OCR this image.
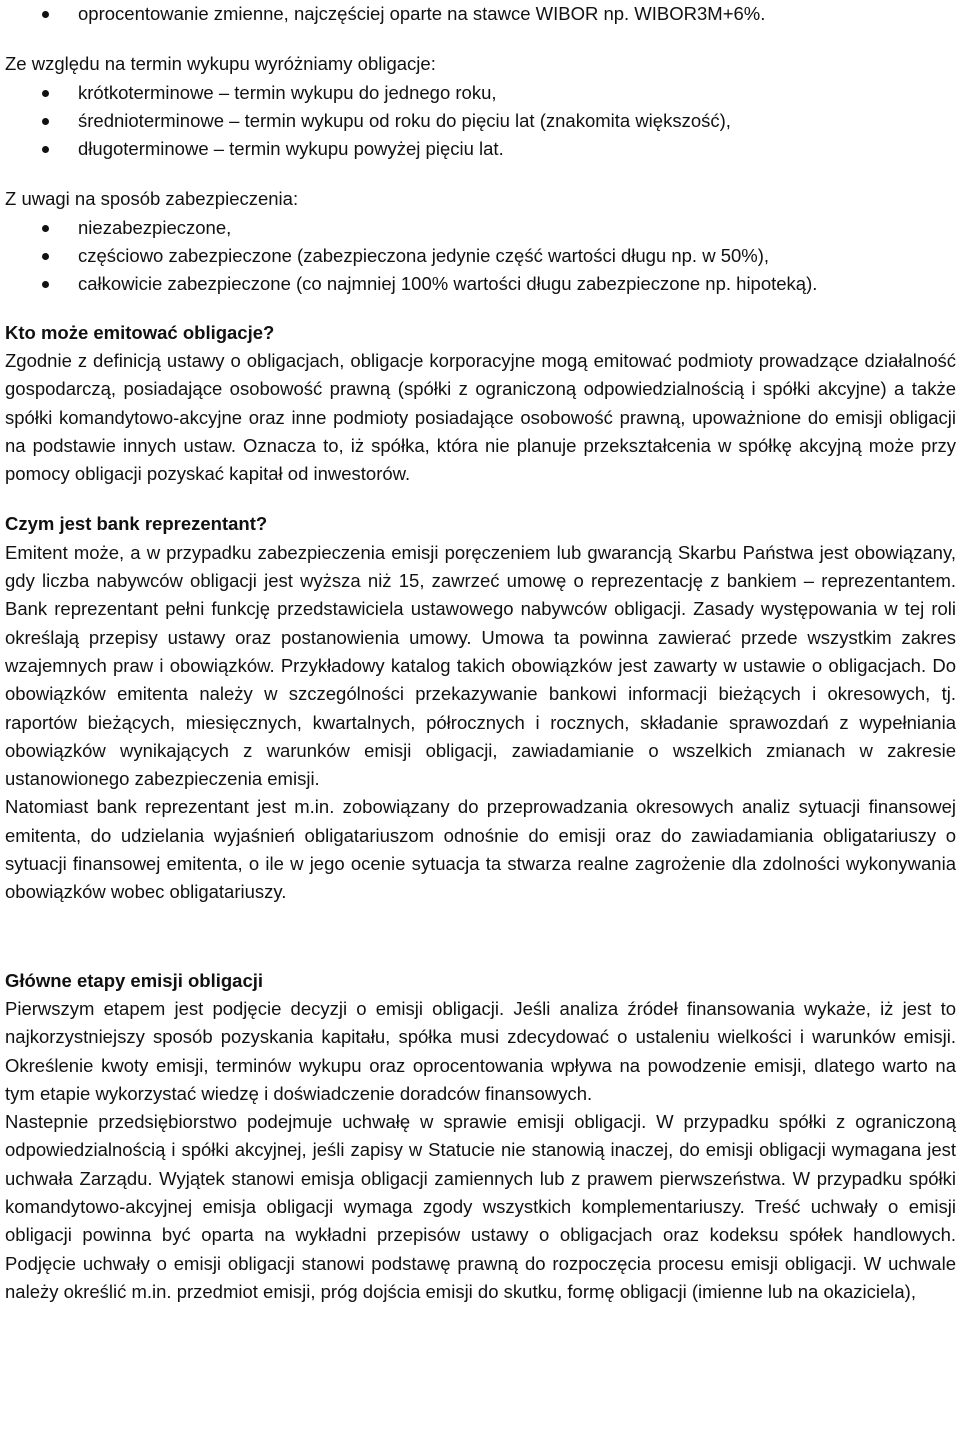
oprocentowanie zmienne, najczęściej oparte na stawce WIBOR np. WIBOR3M+6%.

Ze względu na termin wykupu wyróżniamy obligacje:

krótkoterminowe – termin wykupu do jednego roku,
średnioterminowe – termin wykupu od roku do pięciu lat (znakomita większość),
długoterminowe – termin wykupu powyżej pięciu lat.

Z uwagi na sposób zabezpieczenia:

niezabezpieczone,
częściowo zabezpieczone (zabezpieczona jedynie część wartości długu np. w 50%),
całkowicie zabezpieczone (co najmniej 100% wartości długu zabezpieczone np. hipoteką).
Kto może emitować obligacje?

Zgodnie z definicją ustawy o obligacjach, obligacje korporacyjne mogą emitować podmioty prowadzące działalność gospodarczą, posiadające osobowość prawną (spółki z ograniczoną odpowiedzialnością i spółki akcyjne) a także spółki komandytowo-akcyjne oraz inne podmioty posiadające osobowość prawną, upoważnione do emisji obligacji na podstawie innych ustaw. Oznacza to, iż spółka, która nie planuje przekształcenia w spółkę akcyjną może przy pomocy obligacji pozyskać kapitał od inwestorów.

Czym jest bank reprezentant?

Emitent może, a w przypadku zabezpieczenia emisji poręczeniem lub gwarancją Skarbu Państwa jest obowiązany, gdy liczba nabywców obligacji jest wyższa niż 15, zawrzeć umowę o reprezentację z bankiem – reprezentantem. Bank reprezentant pełni funkcję przedstawiciela ustawowego nabywców obligacji. Zasady występowania w tej roli określają przepisy ustawy oraz postanowienia umowy. Umowa ta powinna zawierać przede wszystkim zakres wzajemnych praw i obowiązków. Przykładowy katalog takich obowiązków jest zawarty w ustawie o obligacjach. Do obowiązków emitenta należy w szczególności przekazywanie bankowi informacji bieżących i okresowych, tj. raportów bieżących, miesięcznych, kwartalnych, półrocznych i rocznych, składanie sprawozdań z wypełniania obowiązków wynikających z warunków emisji obligacji, zawiadamianie o wszelkich zmianach w zakresie ustanowionego zabezpieczenia emisji.

Natomiast bank reprezentant jest m.in. zobowiązany do przeprowadzania okresowych analiz sytuacji finansowej emitenta, do udzielania wyjaśnień obligatariuszom odnośnie do emisji oraz do zawiadamiania obligatariuszy o sytuacji finansowej emitenta, o ile w jego ocenie sytuacja ta stwarza realne zagrożenie dla zdolności wykonywania obowiązków wobec obligatariuszy.

Główne etapy emisji obligacji

Pierwszym etapem jest podjęcie decyzji o emisji obligacji. Jeśli analiza źródeł finansowania wykaże, iż jest to najkorzystniejszy sposób pozyskania kapitału, spółka musi zdecydować o ustaleniu wielkości i warunków emisji. Określenie kwoty emisji, terminów wykupu oraz oprocentowania wpływa na powodzenie emisji, dlatego warto na tym etapie wykorzystać wiedzę i doświadczenie doradców finansowych.

Nastepnie przedsiębiorstwo podejmuje uchwałę w sprawie emisji obligacji. W przypadku spółki z ograniczoną odpowiedzialnością i spółki akcyjnej, jeśli zapisy w Statucie nie stanowią inaczej, do emisji obligacji wymagana jest uchwała Zarządu. Wyjątek stanowi emisja obligacji zamiennych lub z prawem pierwszeństwa. W przypadku spółki komandytowo-akcyjnej emisja obligacji wymaga zgody wszystkich komplementariuszy. Treść uchwały o emisji obligacji powinna być oparta na wykładni przepisów ustawy o obligacjach oraz kodeksu spółek handlowych. Podjęcie uchwały o emisji obligacji stanowi podstawę prawną do rozpoczęcia procesu emisji obligacji. W uchwale należy określić m.in. przedmiot emisji, próg dojścia emisji do skutku, formę obligacji (imienne lub na okaziciela),
